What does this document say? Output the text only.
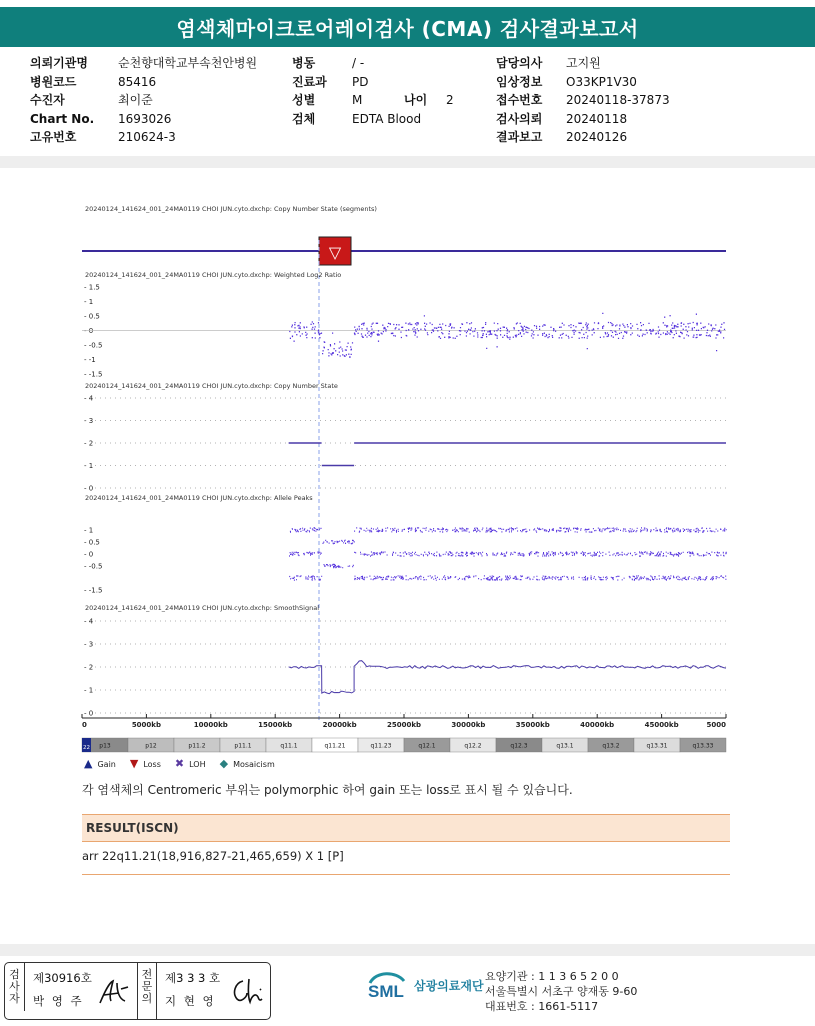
염색체마이크로어레이검사 (CMA) 검사결과보고서
의뢰기관명	순천향대학교부속천안병원
병원코드	85416
수진자	최이준
Chart No.	1693026
고유번호	210624-3
병동	/ -
진료과	PD
성별	M	나이	2
검체	EDTA Blood
담당의사	고지원
임상정보	O33KP1V30
접수번호	20240118-37873
검사의뢰	20240118
결과보고	20240126
20240124_141624_001_24MA0119 CHOI JUN.cyto.dxchp: Copy Number State (segments)
▽
20240124_141624_001_24MA0119 CHOI JUN.cyto.dxchp: Weighted Log2 Ratio
- 1.5
- 1
- 0.5
- 0
- -0.5
- -1
- -1.5
20240124_141624_001_24MA0119 CHOI JUN.cyto.dxchp: Copy Number State
- 4
- 3
- 2
- 1
- 0
20240124_141624_001_24MA0119 CHOI JUN.cyto.dxchp: Allele Peaks
- 1
- 0.5
- 0
- -0.5
- -1.5
20240124_141624_001_24MA0119 CHOI JUN.cyto.dxchp: SmoothSignal
- 4
- 3
- 2
- 1
- 0
0	5000kb	10000kb	15000kb	20000kb	25000kb	30000kb	35000kb	40000kb	45000kb	5000
p13	p12	p11.2	p11.1	q11.1	q11.21	q11.23	q12.1	q12.2	q12.3	q13.1	q13.2	q13.31	q13.33
22
▲ Gain ▼ Loss ✖ LOH ◆ Mosaicism
각 염색체의 Centromeric 부위는 polymorphic 하여 gain 또는 loss로 표시 될 수 있습니다.
RESULT(ISCN)
arr 22q11.21(18,916,827-21,465,659) X 1 [P]
검
사
자
제30916호
박 영 주
전
문
의
제3 3 3 호
지 현 영	SML 삼광의료재단
요양기관 : 1 1 3 6 5 2 0 0
서울특별시 서초구 양재동 9-60
대표번호 : 1661-5117
